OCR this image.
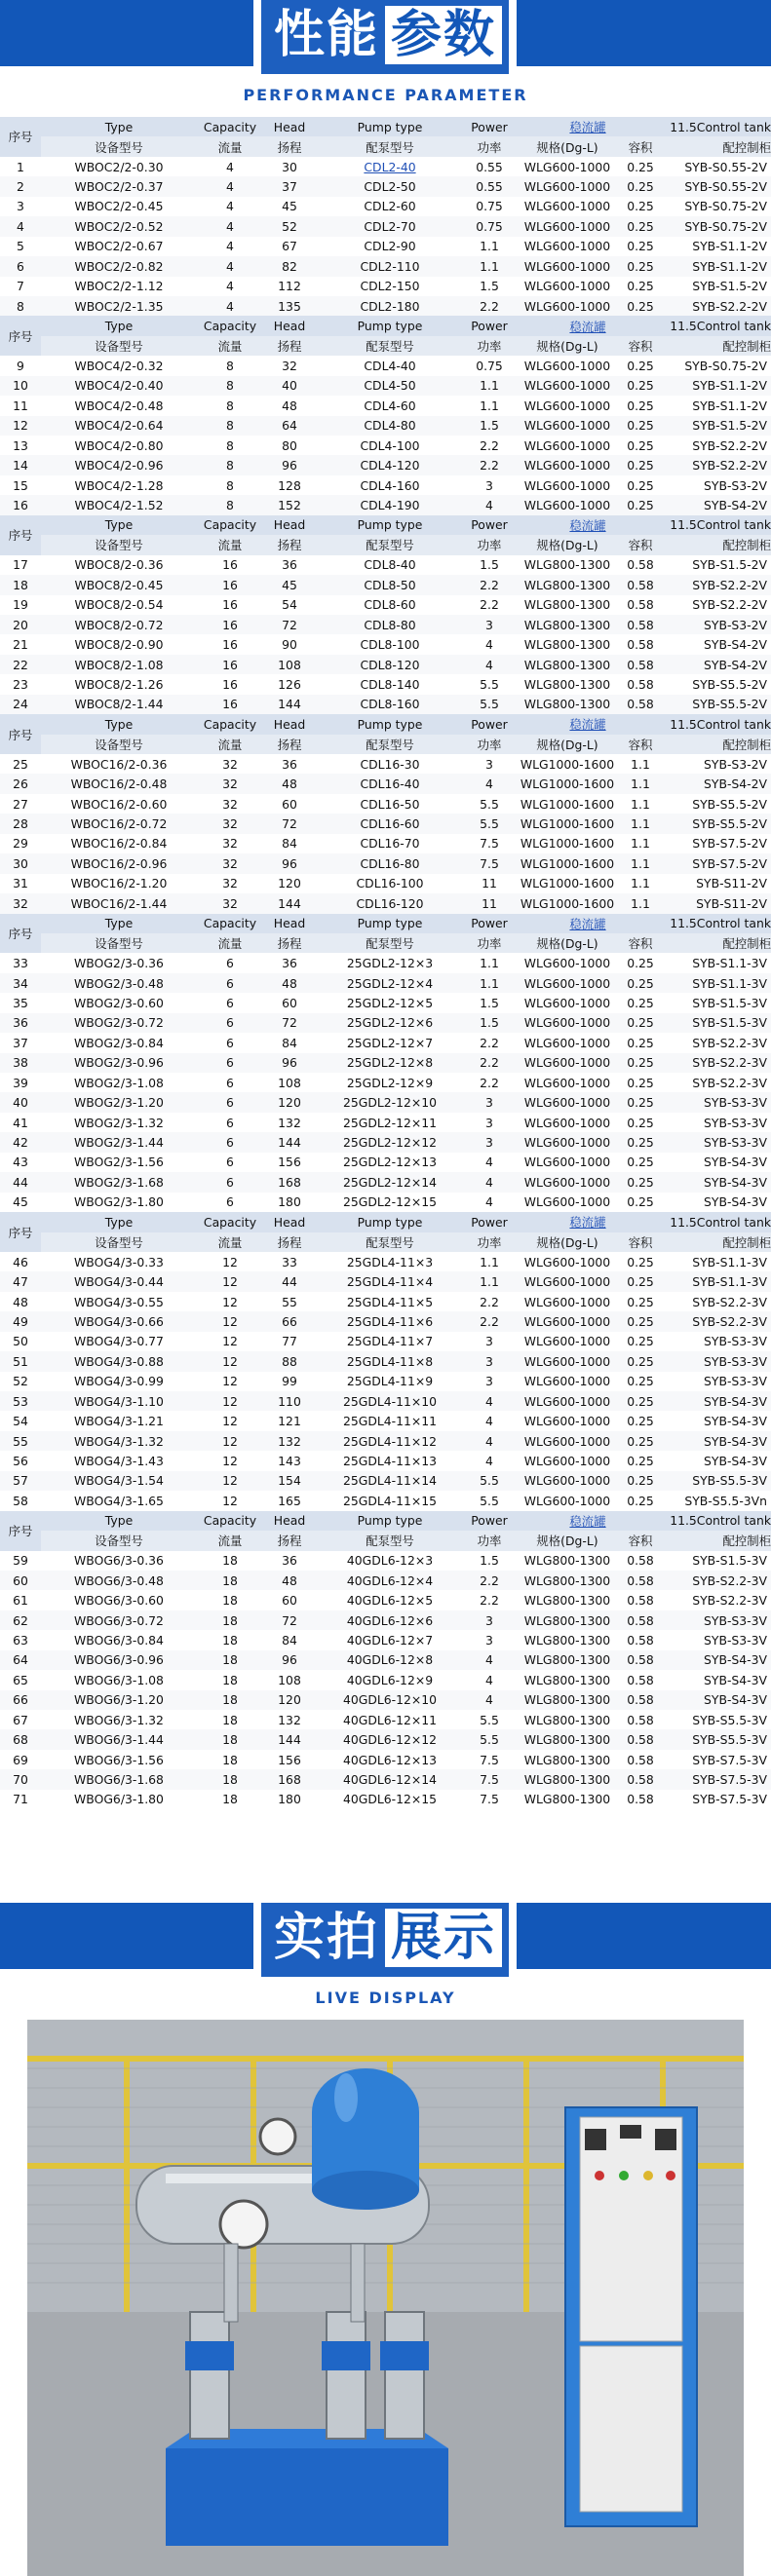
性能 参数
PERFORMANCE PARAMETER
序号	Type	Capacity	Head	Pump type	Power	稳流罐		11.5Control tank
	设备型号	流量	扬程	配泵型号	功率	规格(Dg-L)	容积	配控制柜
1	WBOC2/2-0.30	4	30	CDL2-40	0.55	WLG600-1000	0.25	SYB-S0.55-2V
2	WBOC2/2-0.37	4	37	CDL2-50	0.55	WLG600-1000	0.25	SYB-S0.55-2V
3	WBOC2/2-0.45	4	45	CDL2-60	0.75	WLG600-1000	0.25	SYB-S0.75-2V
4	WBOC2/2-0.52	4	52	CDL2-70	0.75	WLG600-1000	0.25	SYB-S0.75-2V
5	WBOC2/2-0.67	4	67	CDL2-90	1.1	WLG600-1000	0.25	SYB-S1.1-2V
6	WBOC2/2-0.82	4	82	CDL2-110	1.1	WLG600-1000	0.25	SYB-S1.1-2V
7	WBOC2/2-1.12	4	112	CDL2-150	1.5	WLG600-1000	0.25	SYB-S1.5-2V
8	WBOC2/2-1.35	4	135	CDL2-180	2.2	WLG600-1000	0.25	SYB-S2.2-2V
序号	Type	Capacity	Head	Pump type	Power	稳流罐		11.5Control tank
	设备型号	流量	扬程	配泵型号	功率	规格(Dg-L)	容积	配控制柜
9	WBOC4/2-0.32	8	32	CDL4-40	0.75	WLG600-1000	0.25	SYB-S0.75-2V
10	WBOC4/2-0.40	8	40	CDL4-50	1.1	WLG600-1000	0.25	SYB-S1.1-2V
11	WBOC4/2-0.48	8	48	CDL4-60	1.1	WLG600-1000	0.25	SYB-S1.1-2V
12	WBOC4/2-0.64	8	64	CDL4-80	1.5	WLG600-1000	0.25	SYB-S1.5-2V
13	WBOC4/2-0.80	8	80	CDL4-100	2.2	WLG600-1000	0.25	SYB-S2.2-2V
14	WBOC4/2-0.96	8	96	CDL4-120	2.2	WLG600-1000	0.25	SYB-S2.2-2V
15	WBOC4/2-1.28	8	128	CDL4-160	3	WLG600-1000	0.25	SYB-S3-2V
16	WBOC4/2-1.52	8	152	CDL4-190	4	WLG600-1000	0.25	SYB-S4-2V
序号	Type	Capacity	Head	Pump type	Power	稳流罐		11.5Control tank
	设备型号	流量	扬程	配泵型号	功率	规格(Dg-L)	容积	配控制柜
17	WBOC8/2-0.36	16	36	CDL8-40	1.5	WLG800-1300	0.58	SYB-S1.5-2V
18	WBOC8/2-0.45	16	45	CDL8-50	2.2	WLG800-1300	0.58	SYB-S2.2-2V
19	WBOC8/2-0.54	16	54	CDL8-60	2.2	WLG800-1300	0.58	SYB-S2.2-2V
20	WBOC8/2-0.72	16	72	CDL8-80	3	WLG800-1300	0.58	SYB-S3-2V
21	WBOC8/2-0.90	16	90	CDL8-100	4	WLG800-1300	0.58	SYB-S4-2V
22	WBOC8/2-1.08	16	108	CDL8-120	4	WLG800-1300	0.58	SYB-S4-2V
23	WBOC8/2-1.26	16	126	CDL8-140	5.5	WLG800-1300	0.58	SYB-S5.5-2V
24	WBOC8/2-1.44	16	144	CDL8-160	5.5	WLG800-1300	0.58	SYB-S5.5-2V
序号	Type	Capacity	Head	Pump type	Power	稳流罐		11.5Control tank
	设备型号	流量	扬程	配泵型号	功率	规格(Dg-L)	容积	配控制柜
25	WBOC16/2-0.36	32	36	CDL16-30	3	WLG1000-1600	1.1	SYB-S3-2V
26	WBOC16/2-0.48	32	48	CDL16-40	4	WLG1000-1600	1.1	SYB-S4-2V
27	WBOC16/2-0.60	32	60	CDL16-50	5.5	WLG1000-1600	1.1	SYB-S5.5-2V
28	WBOC16/2-0.72	32	72	CDL16-60	5.5	WLG1000-1600	1.1	SYB-S5.5-2V
29	WBOC16/2-0.84	32	84	CDL16-70	7.5	WLG1000-1600	1.1	SYB-S7.5-2V
30	WBOC16/2-0.96	32	96	CDL16-80	7.5	WLG1000-1600	1.1	SYB-S7.5-2V
31	WBOC16/2-1.20	32	120	CDL16-100	11	WLG1000-1600	1.1	SYB-S11-2V
32	WBOC16/2-1.44	32	144	CDL16-120	11	WLG1000-1600	1.1	SYB-S11-2V
序号	Type	Capacity	Head	Pump type	Power	稳流罐		11.5Control tank
	设备型号	流量	扬程	配泵型号	功率	规格(Dg-L)	容积	配控制柜
33	WBOG2/3-0.36	6	36	25GDL2-12×3	1.1	WLG600-1000	0.25	SYB-S1.1-3V
34	WBOG2/3-0.48	6	48	25GDL2-12×4	1.1	WLG600-1000	0.25	SYB-S1.1-3V
35	WBOG2/3-0.60	6	60	25GDL2-12×5	1.5	WLG600-1000	0.25	SYB-S1.5-3V
36	WBOG2/3-0.72	6	72	25GDL2-12×6	1.5	WLG600-1000	0.25	SYB-S1.5-3V
37	WBOG2/3-0.84	6	84	25GDL2-12×7	2.2	WLG600-1000	0.25	SYB-S2.2-3V
38	WBOG2/3-0.96	6	96	25GDL2-12×8	2.2	WLG600-1000	0.25	SYB-S2.2-3V
39	WBOG2/3-1.08	6	108	25GDL2-12×9	2.2	WLG600-1000	0.25	SYB-S2.2-3V
40	WBOG2/3-1.20	6	120	25GDL2-12×10	3	WLG600-1000	0.25	SYB-S3-3V
41	WBOG2/3-1.32	6	132	25GDL2-12×11	3	WLG600-1000	0.25	SYB-S3-3V
42	WBOG2/3-1.44	6	144	25GDL2-12×12	3	WLG600-1000	0.25	SYB-S3-3V
43	WBOG2/3-1.56	6	156	25GDL2-12×13	4	WLG600-1000	0.25	SYB-S4-3V
44	WBOG2/3-1.68	6	168	25GDL2-12×14	4	WLG600-1000	0.25	SYB-S4-3V
45	WBOG2/3-1.80	6	180	25GDL2-12×15	4	WLG600-1000	0.25	SYB-S4-3V
序号	Type	Capacity	Head	Pump type	Power	稳流罐		11.5Control tank
	设备型号	流量	扬程	配泵型号	功率	规格(Dg-L)	容积	配控制柜
46	WBOG4/3-0.33	12	33	25GDL4-11×3	1.1	WLG600-1000	0.25	SYB-S1.1-3V
47	WBOG4/3-0.44	12	44	25GDL4-11×4	1.1	WLG600-1000	0.25	SYB-S1.1-3V
48	WBOG4/3-0.55	12	55	25GDL4-11×5	2.2	WLG600-1000	0.25	SYB-S2.2-3V
49	WBOG4/3-0.66	12	66	25GDL4-11×6	2.2	WLG600-1000	0.25	SYB-S2.2-3V
50	WBOG4/3-0.77	12	77	25GDL4-11×7	3	WLG600-1000	0.25	SYB-S3-3V
51	WBOG4/3-0.88	12	88	25GDL4-11×8	3	WLG600-1000	0.25	SYB-S3-3V
52	WBOG4/3-0.99	12	99	25GDL4-11×9	3	WLG600-1000	0.25	SYB-S3-3V
53	WBOG4/3-1.10	12	110	25GDL4-11×10	4	WLG600-1000	0.25	SYB-S4-3V
54	WBOG4/3-1.21	12	121	25GDL4-11×11	4	WLG600-1000	0.25	SYB-S4-3V
55	WBOG4/3-1.32	12	132	25GDL4-11×12	4	WLG600-1000	0.25	SYB-S4-3V
56	WBOG4/3-1.43	12	143	25GDL4-11×13	4	WLG600-1000	0.25	SYB-S4-3V
57	WBOG4/3-1.54	12	154	25GDL4-11×14	5.5	WLG600-1000	0.25	SYB-S5.5-3V
58	WBOG4/3-1.65	12	165	25GDL4-11×15	5.5	WLG600-1000	0.25	SYB-S5.5-3Vn
序号	Type	Capacity	Head	Pump type	Power	稳流罐		11.5Control tank
	设备型号	流量	扬程	配泵型号	功率	规格(Dg-L)	容积	配控制柜
59	WBOG6/3-0.36	18	36	40GDL6-12×3	1.5	WLG800-1300	0.58	SYB-S1.5-3V
60	WBOG6/3-0.48	18	48	40GDL6-12×4	2.2	WLG800-1300	0.58	SYB-S2.2-3V
61	WBOG6/3-0.60	18	60	40GDL6-12×5	2.2	WLG800-1300	0.58	SYB-S2.2-3V
62	WBOG6/3-0.72	18	72	40GDL6-12×6	3	WLG800-1300	0.58	SYB-S3-3V
63	WBOG6/3-0.84	18	84	40GDL6-12×7	3	WLG800-1300	0.58	SYB-S3-3V
64	WBOG6/3-0.96	18	96	40GDL6-12×8	4	WLG800-1300	0.58	SYB-S4-3V
65	WBOG6/3-1.08	18	108	40GDL6-12×9	4	WLG800-1300	0.58	SYB-S4-3V
66	WBOG6/3-1.20	18	120	40GDL6-12×10	4	WLG800-1300	0.58	SYB-S4-3V
67	WBOG6/3-1.32	18	132	40GDL6-12×11	5.5	WLG800-1300	0.58	SYB-S5.5-3V
68	WBOG6/3-1.44	18	144	40GDL6-12×12	5.5	WLG800-1300	0.58	SYB-S5.5-3V
69	WBOG6/3-1.56	18	156	40GDL6-12×13	7.5	WLG800-1300	0.58	SYB-S7.5-3V
70	WBOG6/3-1.68	18	168	40GDL6-12×14	7.5	WLG800-1300	0.58	SYB-S7.5-3V
71	WBOG6/3-1.80	18	180	40GDL6-12×15	7.5	WLG800-1300	0.58	SYB-S7.5-3V
实拍 展示
LIVE DISPLAY
